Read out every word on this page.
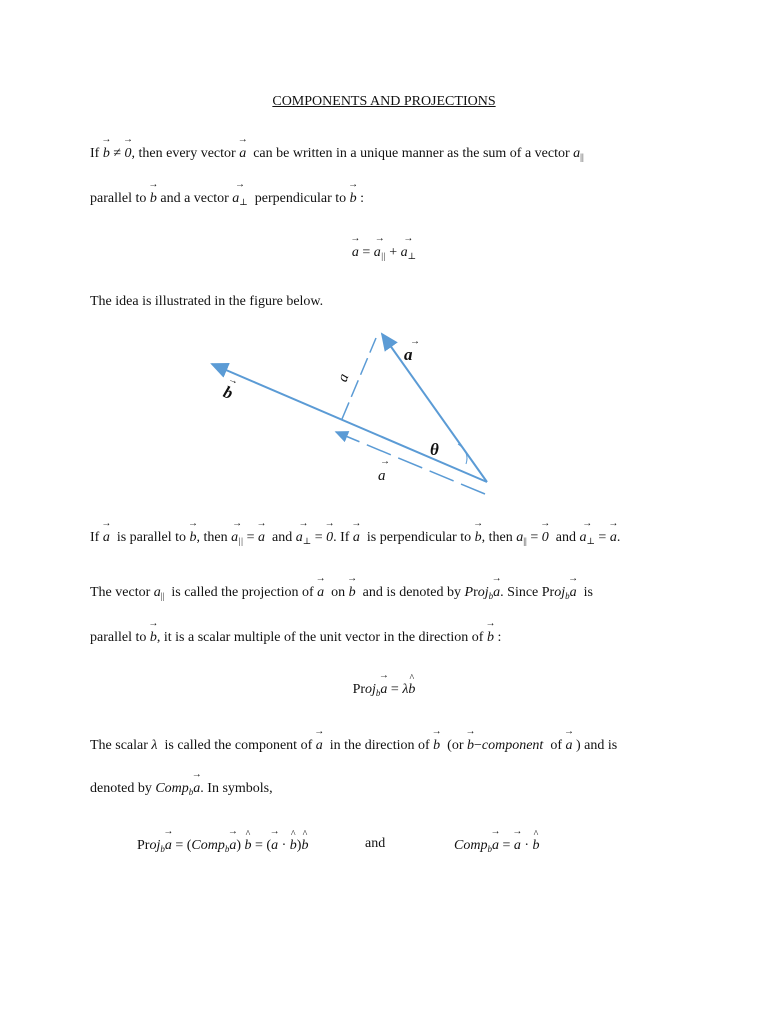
COMPONENTS AND PROJECTIONS
If → b ≠ → 0, then every vector → a can be written in a unique manner as the sum of a vector $a_{||}$
parallel to → b and a vector → $a_\perp$ perpendicular to → b :
→ a = → $a_{||}$ + → $a_\perp$
The idea is illustrated in the figure below.
a
→
b
→
θ
a
a
→
If → a is parallel to → b, then → $a_{||}$ = → a and → $a_\perp$ = → 0. If → a is perpendicular to → b, then $a_{||}$ = → 0 and → $a_\perp$ = → a.
The vector $a_{||}$ is called the projection of → a on → b and is denoted by Proj$_b$→ a. Since Proj$_b$→ a is
parallel to → b, it is a scalar multiple of the unit vector in the direction of → b :
Proj$_b$→ a = λ^ b
The scalar λ is called the component of → a in the direction of → b (or → b−component of → a ) and is
denoted by Comp$_b$→ a. In symbols,
Proj$_b$→ a = (Comp$_b$→ a) ^ b = (→ a · ^ b)^ b	and	Comp$_b$→ a = → a · ^ b
